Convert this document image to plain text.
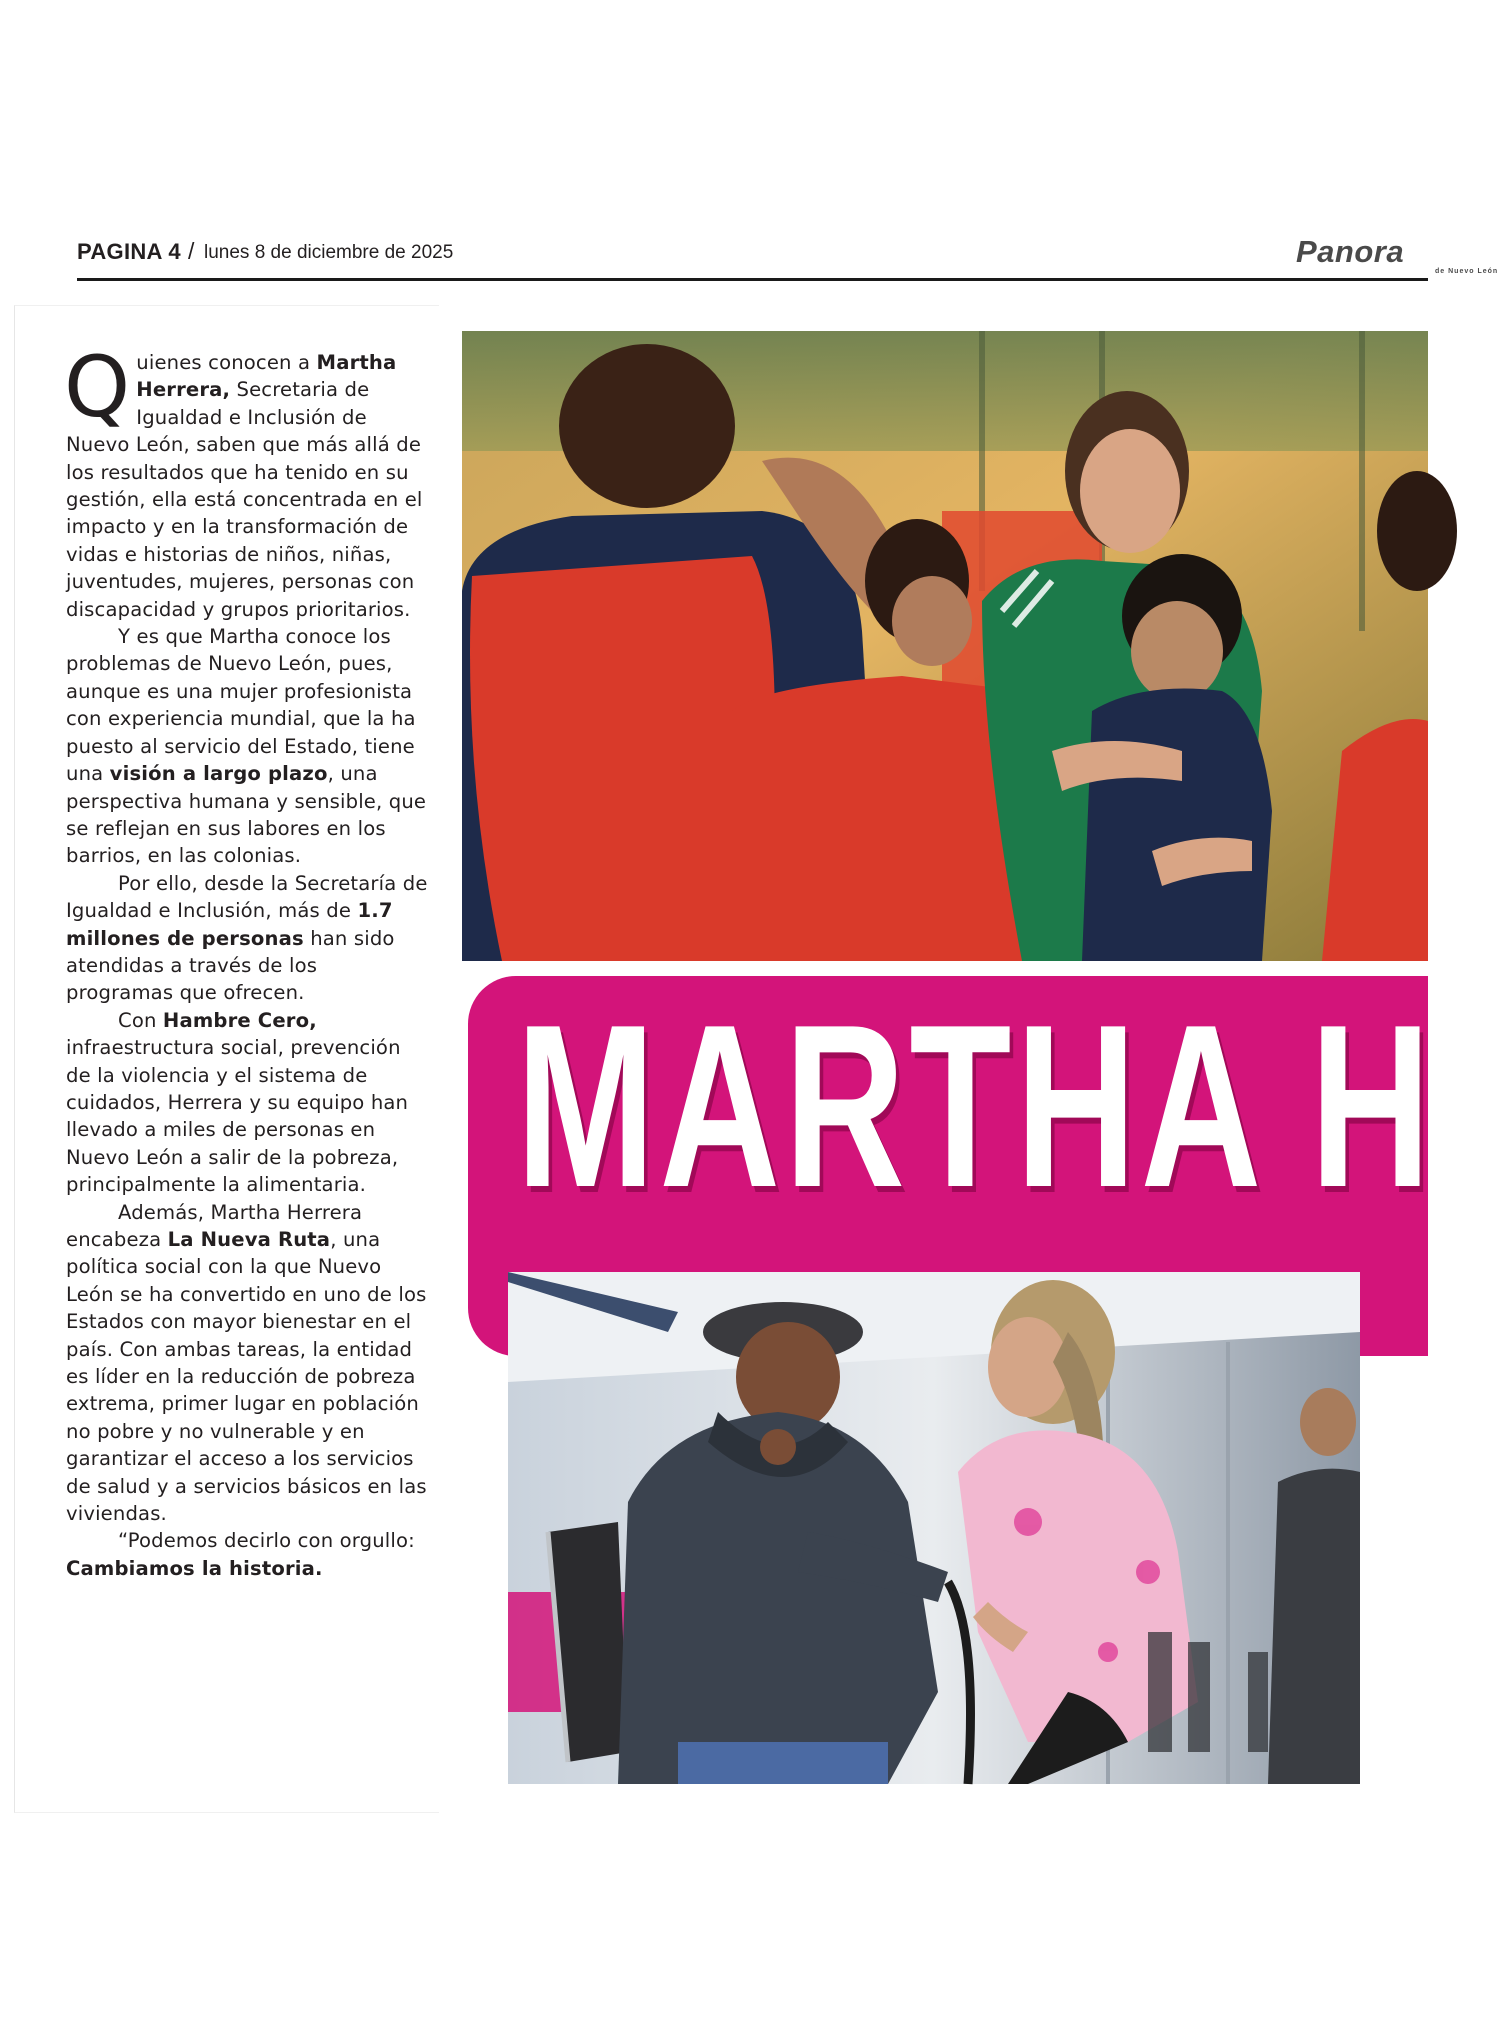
PAGINA 4 / lunes 8 de diciembre de 2025	Panora
de Nuevo León

Quienes conocen a Martha Herrera, Secretaria de Igualdad e Inclusión de Nuevo León, saben que más allá de los resultados que ha tenido en su gestión, ella está concentrada en el impacto y en la transformación de vidas e historias de niños, niñas, juventudes, mujeres, personas con discapacidad y grupos prioritarios.

Y es que Martha conoce los problemas de Nuevo León, pues, aunque es una mujer profesionista con experiencia mundial, que la ha puesto al servicio del Estado, tiene una visión a largo plazo, una perspectiva humana y sensible, que se reflejan en sus labores en los barrios, en las colonias.

Por ello, desde la Secretaría de Igualdad e Inclusión, más de 1.7 millones de personas han sido atendidas a través de los programas que ofrecen.

Con Hambre Cero, infraestructura social, prevención de la violencia y el sistema de cuidados, Herrera y su equipo han llevado a miles de personas en Nuevo León a salir de la pobreza, principalmente la alimentaria.

Además, Martha Herrera encabeza La Nueva Ruta, una política social con la que Nuevo León se ha convertido en uno de los Estados con mayor bienestar en el país. Con ambas tareas, la entidad es líder en la reducción de pobreza extrema, primer lugar en población no pobre y no vulnerable y en garantizar el acceso a los servicios de salud y a servicios básicos en las viviendas.

“Podemos decirlo con orgullo: Cambiamos la historia.

MARTHA H
